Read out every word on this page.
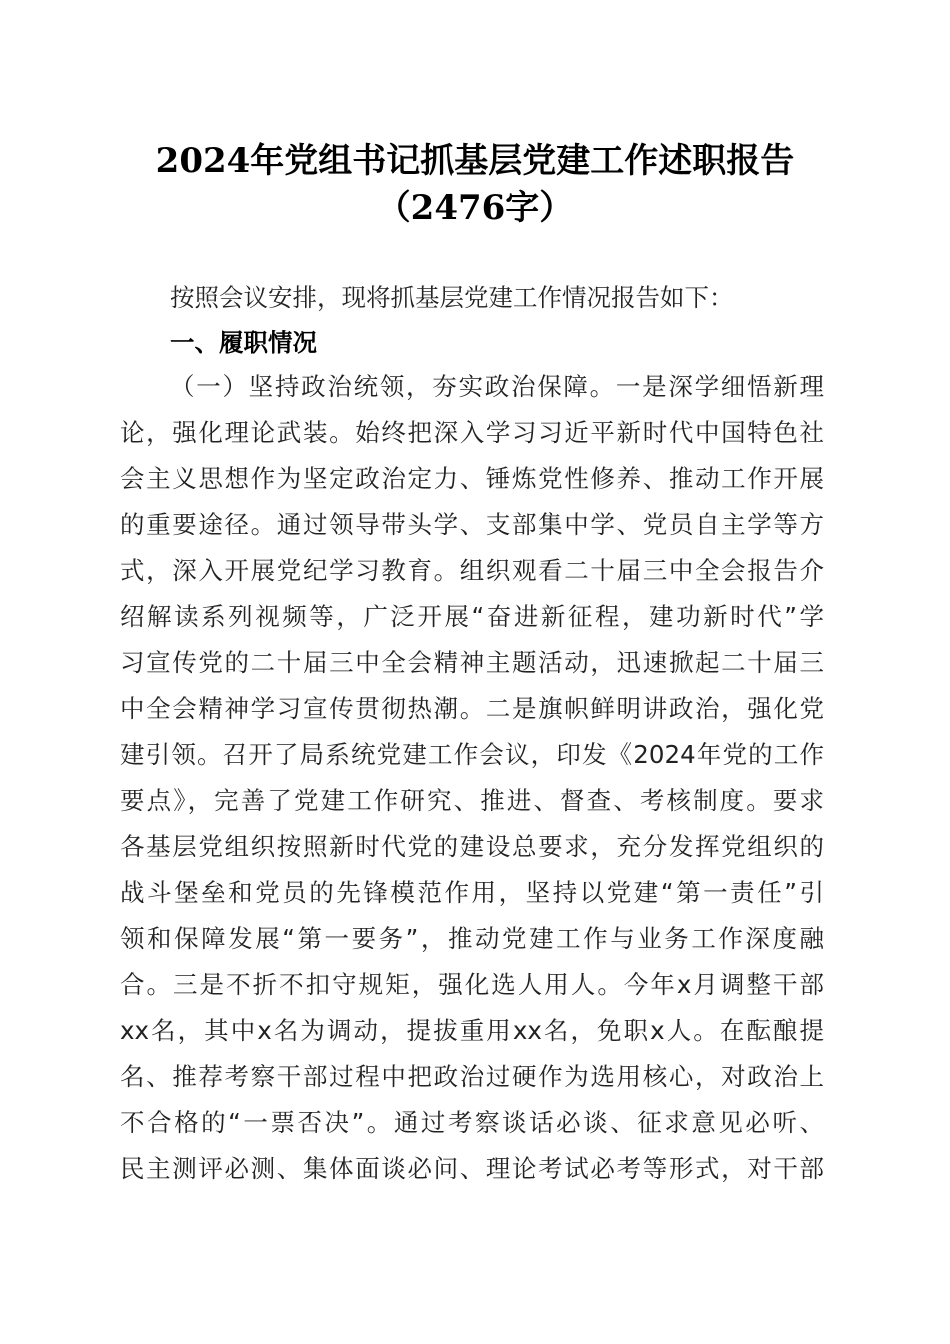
2024年党组书记抓基层党建工作述职报告
（2476字）
按照会议安排，现将抓基层党建工作情况报告如下：
一、履职情况
（一）坚持政治统领，夯实政治保障。一是深学细悟新理
论，强化理论武装。始终把深入学习习近平新时代中国特色社
会主义思想作为坚定政治定力、锤炼党性修养、推动工作开展
的重要途径。通过领导带头学、支部集中学、党员自主学等方
式，深入开展党纪学习教育。组织观看二十届三中全会报告介
绍解读系列视频等，广泛开展“奋进新征程，建功新时代”学
习宣传党的二十届三中全会精神主题活动，迅速掀起二十届三
中全会精神学习宣传贯彻热潮。二是旗帜鲜明讲政治，强化党
建引领。召开了局系统党建工作会议，印发《2024年党的工作
要点》，完善了党建工作研究、推进、督查、考核制度。要求
各基层党组织按照新时代党的建设总要求，充分发挥党组织的
战斗堡垒和党员的先锋模范作用，坚持以党建“第一责任”引
领和保障发展“第一要务”，推动党建工作与业务工作深度融
合。三是不折不扣守规矩，强化选人用人。今年x月调整干部
xx名，其中x名为调动，提拔重用xx名，免职x人。在酝酿提
名、推荐考察干部过程中把政治过硬作为选用核心，对政治上
不合格的“一票否决”。通过考察谈话必谈、征求意见必听、
民主测评必测、集体面谈必问、理论考试必考等形式，对干部
